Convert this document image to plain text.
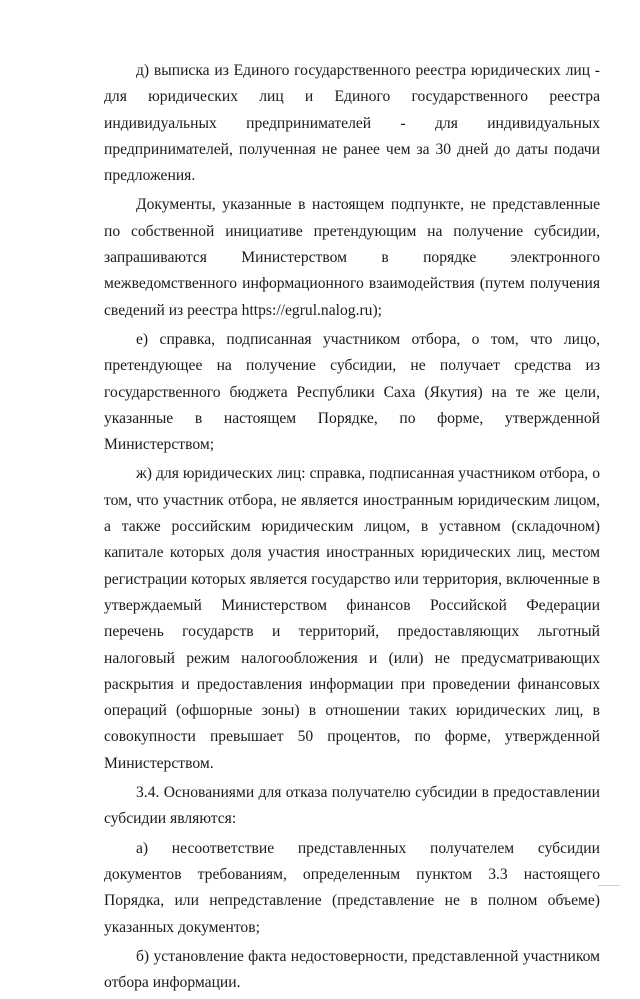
д) выписка из Единого государственного реестра юридических лиц - для юридических лиц и Единого государственного реестра индивидуальных предпринимателей - для индивидуальных предпринимателей, полученная не ранее чем за 30 дней до даты подачи предложения.

Документы, указанные в настоящем подпункте, не представленные по собственной инициативе претендующим на получение субсидии, запрашиваются Министерством в порядке электронного межведомственного информационного взаимодействия (путем получения сведений из реестра https://egrul.nalog.ru);

е) справка, подписанная участником отбора, о том, что лицо, претендующее на получение субсидии, не получает средства из государственного бюджета Республики Саха (Якутия) на те же цели, указанные в настоящем Порядке, по форме, утвержденной Министерством;

ж) для юридических лиц: справка, подписанная участником отбора, о том, что участник отбора, не является иностранным юридическим лицом, а также российским юридическим лицом, в уставном (складочном) капитале которых доля участия иностранных юридических лиц, местом регистрации которых является государство или территория, включенные в утверждаемый Министерством финансов Российской Федерации перечень государств и территорий, предоставляющих льготный налоговый режим налогообложения и (или) не предусматривающих раскрытия и предоставления информации при проведении финансовых операций (офшорные зоны) в отношении таких юридических лиц, в совокупности превышает 50 процентов, по форме, утвержденной Министерством.

3.4. Основаниями для отказа получателю субсидии в предоставлении субсидии являются:

а) несоответствие представленных получателем субсидии документов требованиям, определенным пунктом 3.3 настоящего Порядка, или непредставление (представление не в полном объеме) указанных документов;

б) установление факта недостоверности, представленной участником отбора информации.
